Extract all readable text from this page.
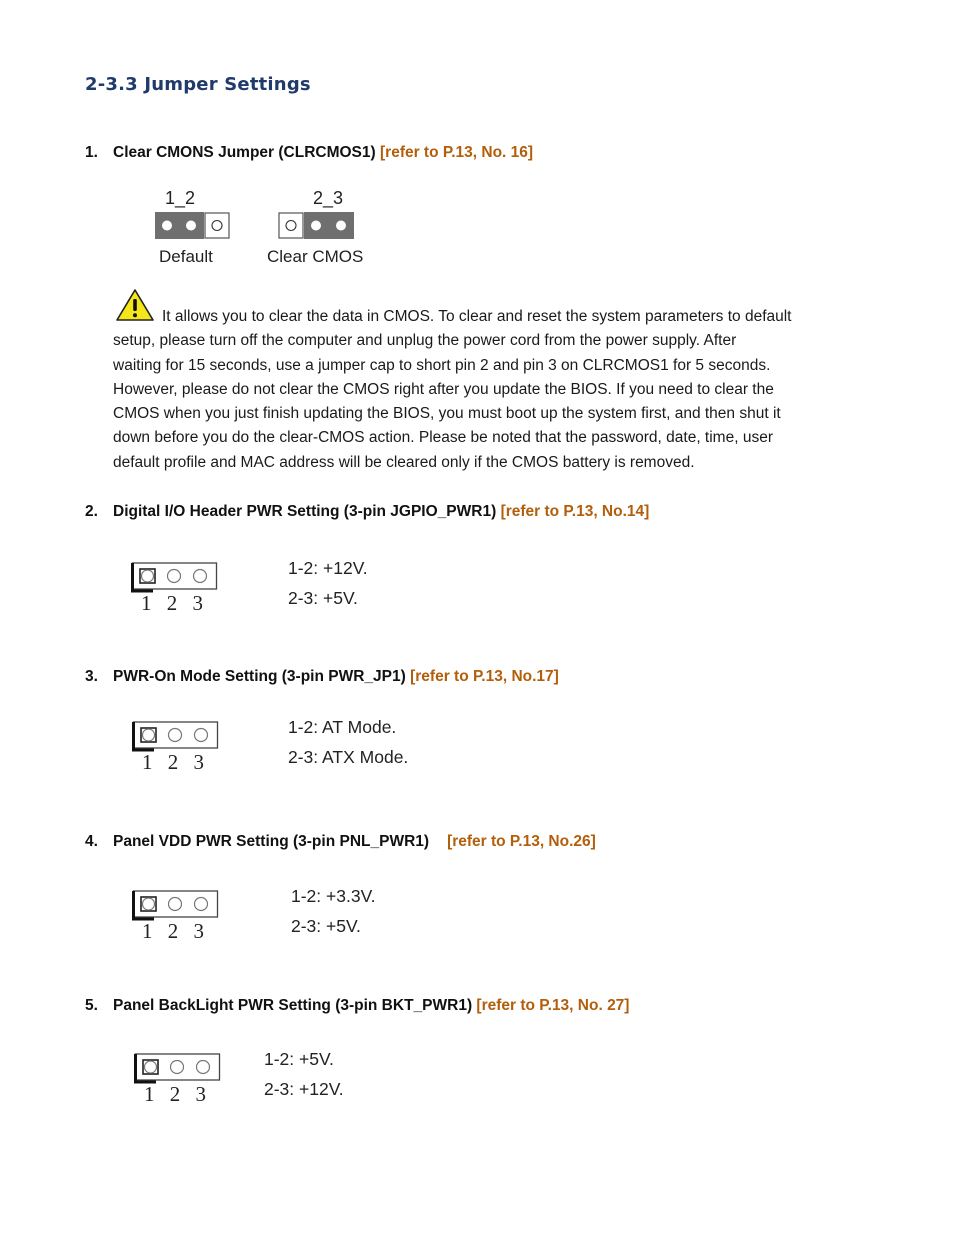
2-3.3 Jumper Settings
1. Clear CMONS Jumper (CLRCMOS1) [refer to P.13, No. 16]
1_2
Default
2_3
Clear CMOS
It allows you to clear the data in CMOS. To clear and reset the system parameters to default
setup, please turn off the computer and unplug the power cord from the power supply. After
waiting for 15 seconds, use a jumper cap to short pin 2 and pin 3 on CLRCMOS1 for 5 seconds.
However, please do not clear the CMOS right after you update the BIOS. If you need to clear the
CMOS when you just finish updating the BIOS, you must boot up the system first, and then shut it
down before you do the clear-CMOS action. Please be noted that the password, date, time, user
default profile and MAC address will be cleared only if the CMOS battery is removed.
2. Digital I/O Header PWR Setting (3-pin JGPIO_PWR1) [refer to P.13, No.14]
1 2 3
1-2: +12V.
2-3: +5V.
3. PWR-On Mode Setting (3-pin PWR_JP1) [refer to P.13, No.17]
1 2 3
1-2: AT Mode.
2-3: ATX Mode.
4. Panel VDD PWR Setting (3-pin PNL_PWR1) [refer to P.13, No.26]
1 2 3
1-2: +3.3V.
2-3: +5V.
5. Panel BackLight PWR Setting (3-pin BKT_PWR1) [refer to P.13, No. 27]
1 2 3
1-2: +5V.
2-3: +12V.
